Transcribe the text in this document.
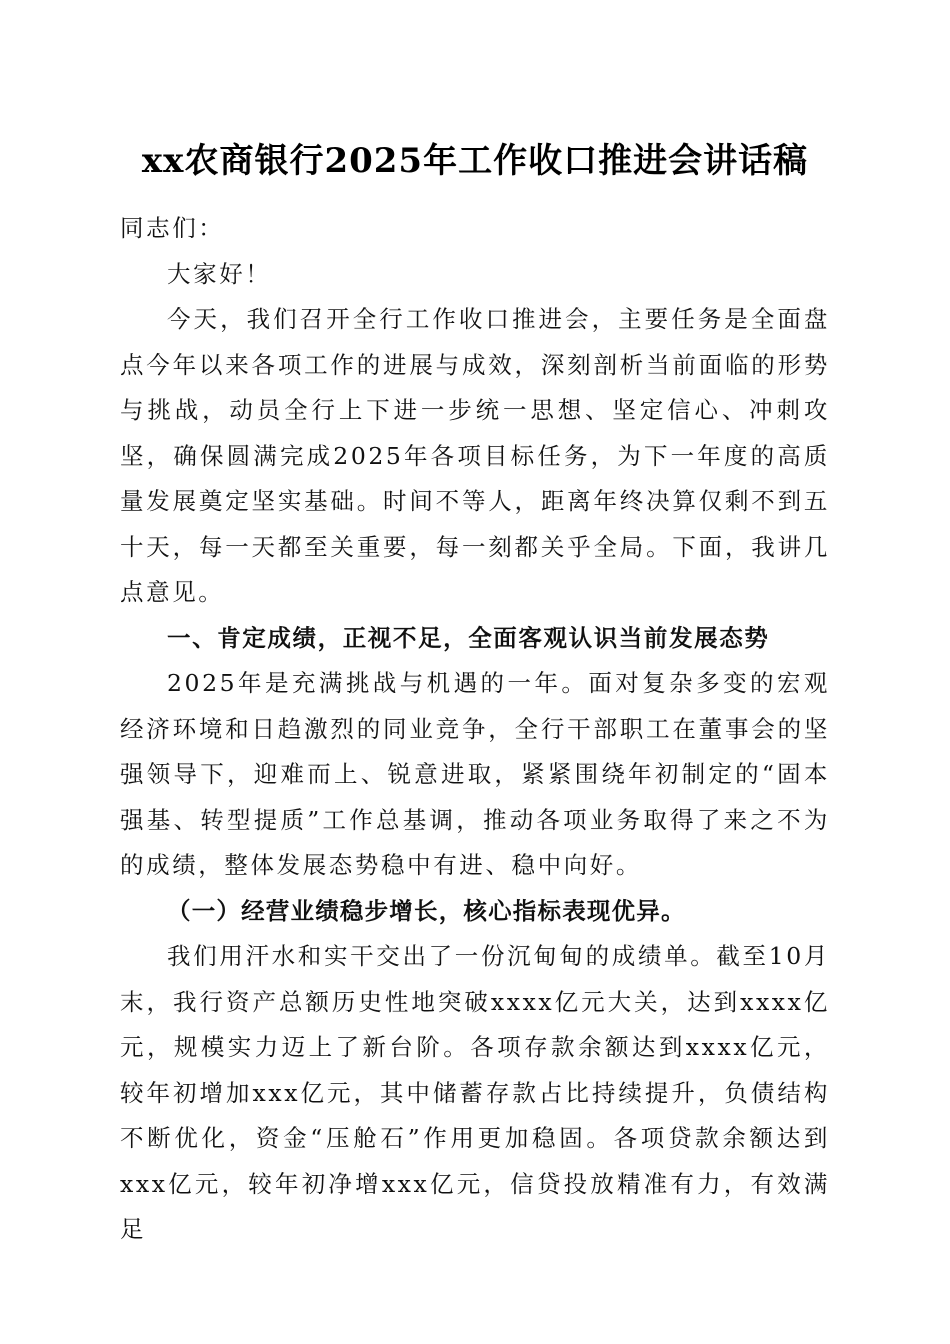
xx农商银行2025年工作收口推进会讲话稿

同志们：

大家好！

今天，我们召开全行工作收口推进会，主要任务是全面盘点今年以来各项工作的进展与成效，深刻剖析当前面临的形势与挑战，动员全行上下进一步统一思想、坚定信心、冲刺攻坚，确保圆满完成2025年各项目标任务，为下一年度的高质量发展奠定坚实基础。时间不等人，距离年终决算仅剩不到五十天，每一天都至关重要，每一刻都关乎全局。下面，我讲几点意见。

一、肯定成绩，正视不足，全面客观认识当前发展态势

2025年是充满挑战与机遇的一年。面对复杂多变的宏观经济环境和日趋激烈的同业竞争，全行干部职工在董事会的坚强领导下，迎难而上、锐意进取，紧紧围绕年初制定的“固本强基、转型提质”工作总基调，推动各项业务取得了来之不为的成绩，整体发展态势稳中有进、稳中向好。

（一）经营业绩稳步增长，核心指标表现优异。

我们用汗水和实干交出了一份沉甸甸的成绩单。截至10月末，我行资产总额历史性地突破xxxx亿元大关，达到xxxx亿元，规模实力迈上了新台阶。各项存款余额达到xxxx亿元，较年初增加xxx亿元，其中储蓄存款占比持续提升，负债结构不断优化，资金“压舱石”作用更加稳固。各项贷款余额达到xxx亿元，较年初净增xxx亿元，信贷投放精准有力，有效满足
